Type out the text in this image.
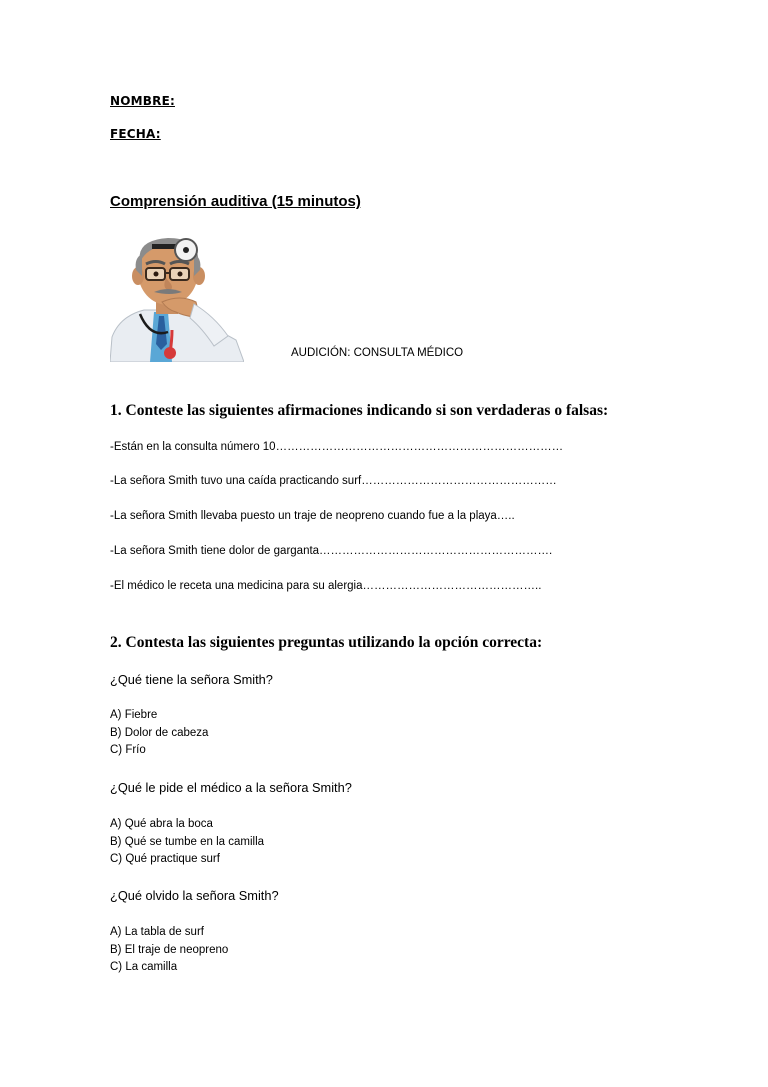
NOMBRE:
FECHA:
Comprensión auditiva (15 minutos)
AUDICIÓN: CONSULTA MÉDICO
1. Conteste las siguientes afirmaciones indicando si son verdaderas o falsas:
-Están en la consulta número 10…………………………………………………………………
-La señora Smith tuvo una caída practicando surf……………………………………………
-La señora Smith llevaba puesto un traje de neopreno cuando fue a la playa…..
-La señora Smith tiene dolor de garganta…………………………………………………….
-El médico le receta una medicina para su alergia………………………………………..
2. Contesta las siguientes preguntas utilizando la opción correcta:
¿Qué tiene la señora Smith?
A) Fiebre
B) Dolor de cabeza
C) Frío
¿Qué le pide el médico a la señora Smith?
A) Qué abra la boca
B) Qué se tumbe en la camilla
C) Qué practique surf
¿Qué olvido la señora Smith?
A) La tabla de surf
B) El traje de neopreno
C) La camilla
